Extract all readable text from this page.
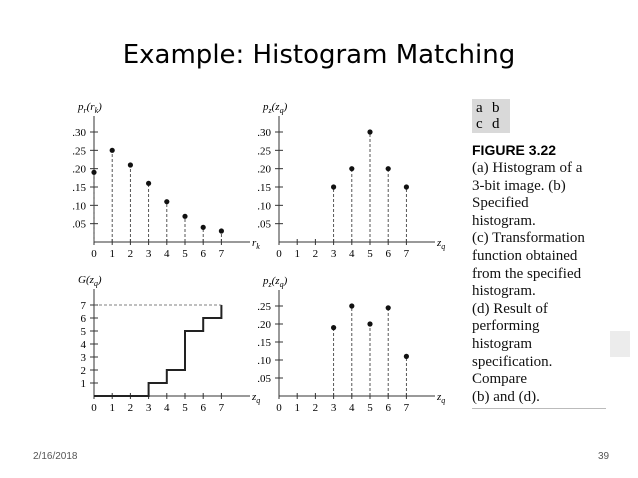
Example: Histogram Matching
0 1 2 3 4 5 6 7
.05
.10
.15
.20
.25
.30
$p_r(r_k)$
$r_k$
0 1 2 3 4 5 6 7
.05
.10
.15
.20
.25
.30
$p_z(z_q)$
$z_q$
0 1 2 3 4 5 6 7
1
2
3
4
5
6
7
$G(z_q)$
$z_q$
0 1 2 3 4 5 6 7
.05
.10
.15
.20
.25
$p_z(z_q)$
$z_q$
a b
c d
FIGURE 3.22
(a) Histogram of a
3-bit image. (b)
Specified
histogram.
(c) Transformation
function obtained
from the specified
histogram.
(d) Result of
performing
histogram
specification.
Compare
(b) and (d).
2/16/2018	39
